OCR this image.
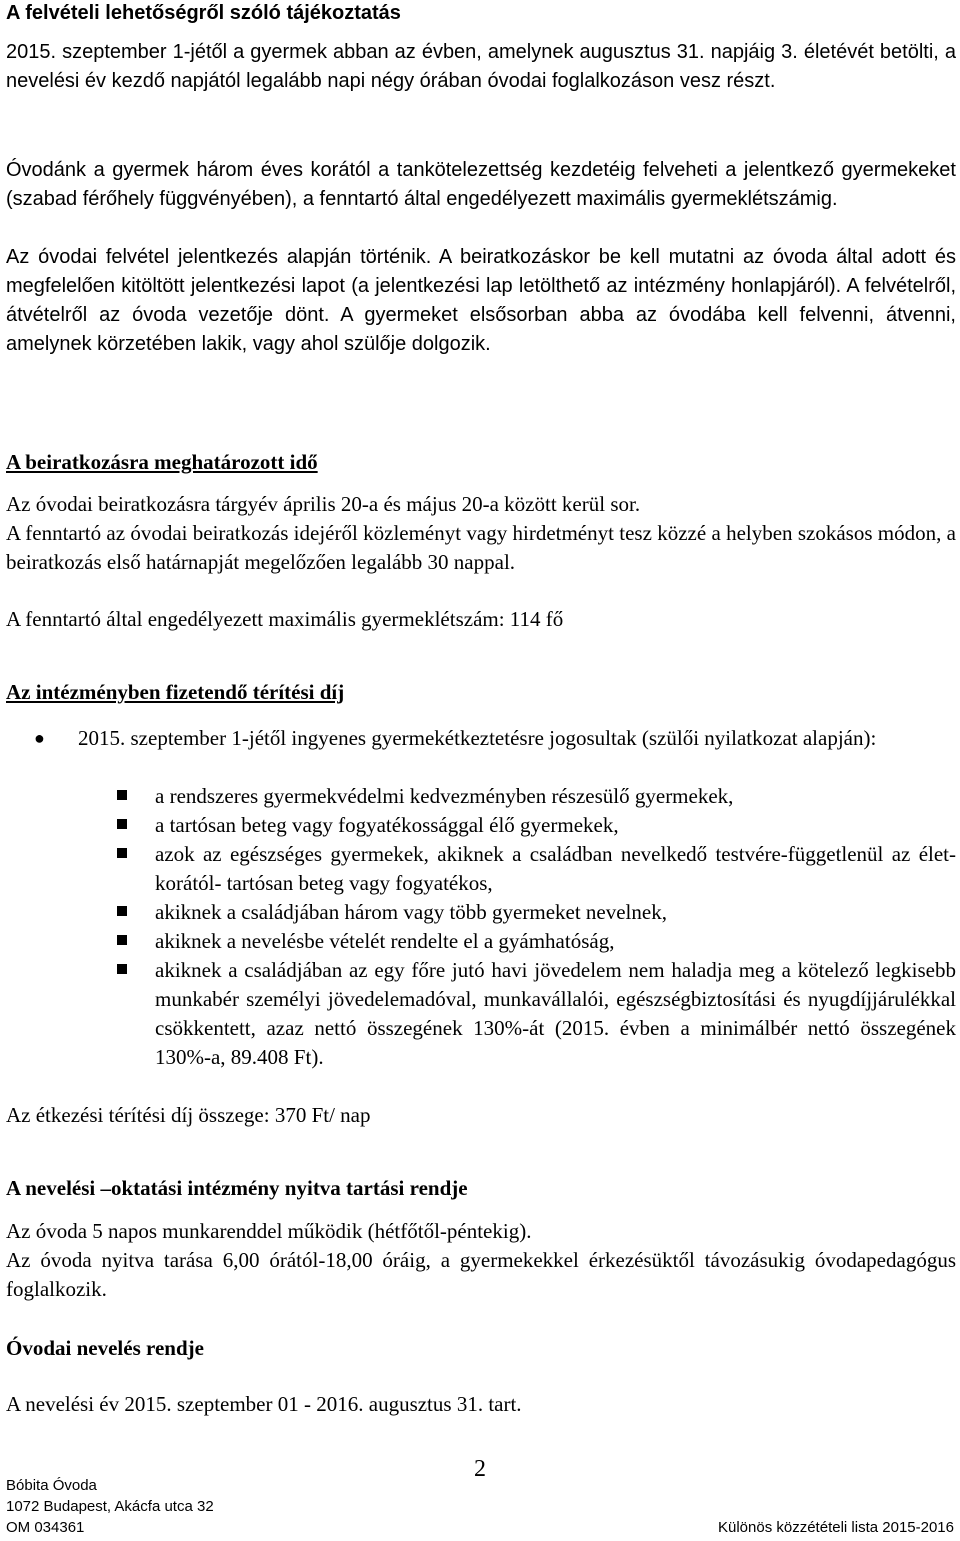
A felvételi lehetőségről szóló tájékoztatás
2015. szeptember 1-jétől a gyermek abban az évben, amelynek augusztus 31. napjáig 3. életévét betölti, a nevelési év kezdő napjától legalább napi négy órában óvodai foglalkozáson vesz részt.
Óvodánk a gyermek három éves korától a tankötelezettség kezdetéig felveheti a jelentkező gyermekeket (szabad férőhely függvényében), a fenntartó által engedélyezett maximális gyermeklétszámig.
Az óvodai felvétel jelentkezés alapján történik. A beiratkozáskor be kell mutatni az óvoda által adott és megfelelően kitöltött jelentkezési lapot (a jelentkezési lap letölthető az intézmény honlapjáról). A felvételről, átvételről az óvoda vezetője dönt. A gyermeket elsősorban abba az óvodába kell felvenni, átvenni, amelynek körzetében lakik, vagy ahol szülője dolgozik.
A beiratkozásra meghatározott idő
Az óvodai beiratkozásra tárgyév április 20-a és május 20-a között kerül sor.
A fenntartó az óvodai beiratkozás idejéről közleményt vagy hirdetményt tesz közzé a helyben szokásos módon, a beiratkozás első határnapját megelőzően legalább 30 nappal.
A fenntartó által engedélyezett maximális gyermeklétszám: 114 fő
Az intézményben fizetendő térítési díj
● 2015. szeptember 1-jétől ingyenes gyermekétkeztetésre jogosultak (szülői nyilatkozat alapján):
a rendszeres gyermekvédelmi kedvezményben részesülő gyermekek,
a tartósan beteg vagy fogyatékossággal élő gyermekek,
azok az egészséges gyermekek, akiknek a családban nevelkedő testvére-függetlenül az élet-korától- tartósan beteg vagy fogyatékos,
akiknek a családjában három vagy több gyermeket nevelnek,
akiknek a nevelésbe vételét rendelte el a gyámhatóság,
akiknek a családjában az egy főre jutó havi jövedelem nem haladja meg a kötelező legkisebb munkabér személyi jövedelemadóval, munkavállalói, egészségbiztosítási és nyugdíjjárulékkal csökkentett, azaz nettó összegének 130%-át (2015. évben a minimálbér nettó összegének 130%-a, 89.408 Ft).
Az étkezési térítési díj összege: 370 Ft/ nap
A nevelési –oktatási intézmény nyitva tartási rendje
Az óvoda 5 napos munkarenddel működik (hétfőtől-péntekig).
Az óvoda nyitva tarása 6,00 órától-18,00 óráig, a gyermekekkel érkezésüktől távozásukig óvodapedagógus foglalkozik.
Óvodai nevelés rendje
A nevelési év 2015. szeptember 01 - 2016. augusztus 31. tart.
2
Bóbita Óvoda
1072 Budapest, Akácfa utca 32
OM 034361	Különös közzétételi lista 2015-2016
